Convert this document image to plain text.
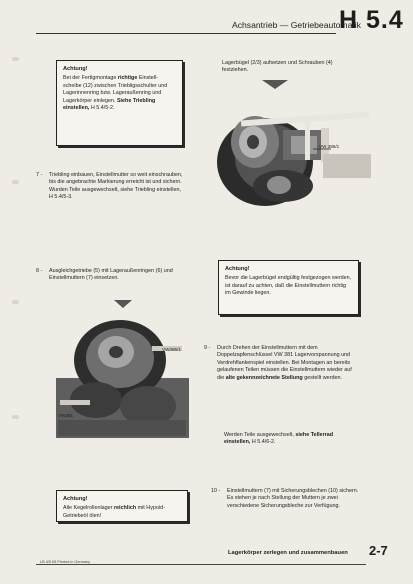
Achsantrieb — Getriebeautomatik
H 5.4
Achtung!
Bei der Fertigmontage richtige Einstell-scheibe (12) zwischen Triebligsschulter und Lagerinnenring bzw. Lageraußenring und Lagerkörper einlegen. Siehe Triebling einstellen, H 5.4/5-2.
Lagerbügel (2/3) aufsetzen und Schrauben (4) festziehen.
VW 386/1
7 -	Triebling einbauen, Einstellmutter so weit einschrauben, bis die angebrachte Markierung erreicht ist und sichern. Wurden Teile ausgewechselt, siehe Triebling einstellen, H 5.4/5-3.
8 -	Ausgleichgetriebe (5) mit Lageraußenringen (6) und Einstellmuttern (7) einsetzen.
Achtung!
Bevor die Lagerbügel endgültig festgezogen werden, ist darauf zu achten, daß die Einstellmuttern richtig im Gewinde liegen.
VW386/1
VW381
9 -	Durch Drehen der Einstellmuttern mit dem Doppelzapfenschlüssel VW 381 Lagervorspannung und Verdrehflankenspiel einstellen. Bei Montagen an bereits gelaufenen Teilen müssen die Einstellmuttern wieder auf die alte gekennzeichnete Stellung gestellt werden.
Werden Teile ausgewechselt, siehe Tellerrad einstellen, H 5.4/6-2.
Achtung!
Alle Kegelrollenlager reichlich mit Hypoid-Getriebeöl ölen!
10 -	Einstellmuttern (7) mit Sicherungsblechen (10) sichern. Es stehen je nach Stellung der Muttern je zwei verschiedene Sicherungsbleche zur Verfügung.
Lagerkörper zerlegen und zusammenbauen 2-7
LB 4/5 65 Printed in Germany
